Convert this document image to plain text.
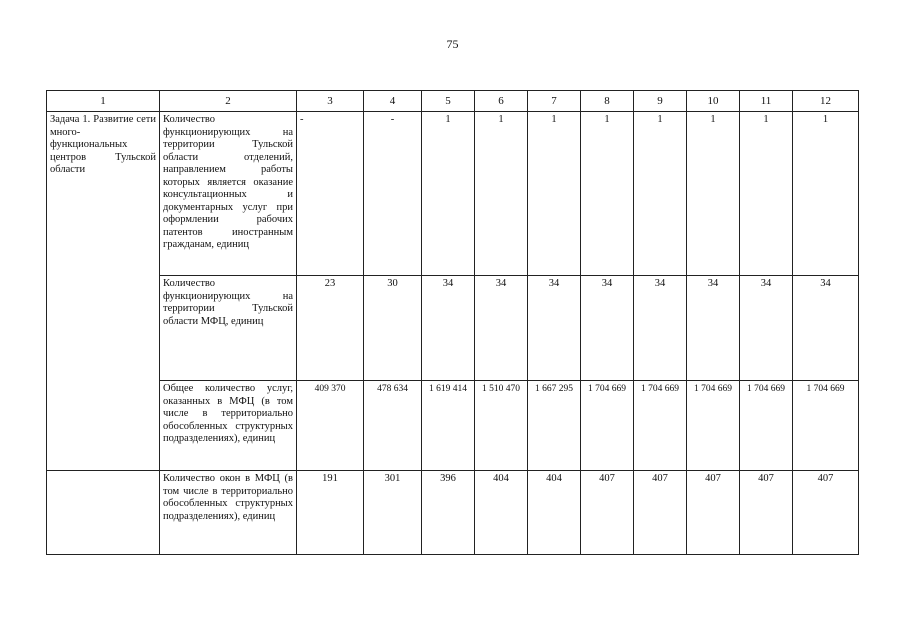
75
1	2	3	4	5	6	7	8	9	10	11	12
Задача 1. Развитие сети много-функциональных центров Тульской области	Количество функционирующих на территории Тульской области отделений, направлением работы которых является оказание консультационных и документарных услуг при оформлении рабочих патентов иностранным гражданам, единиц	-	-	1	1	1	1	1	1	1	1
	Количество функционирующих на территории Тульской области МФЦ, единиц	23	30	34	34	34	34	34	34	34	34
	Общее количество услуг, оказанных в МФЦ (в том числе в территориально обособленных структурных подразделениях), единиц	409 370	478 634	1 619 414	1 510 470	1 667 295	1 704 669	1 704 669	1 704 669	1 704 669	1 704 669
	Количество окон в МФЦ (в том числе в территориально обособленных структурных подразделениях), единиц	191	301	396	404	404	407	407	407	407	407
